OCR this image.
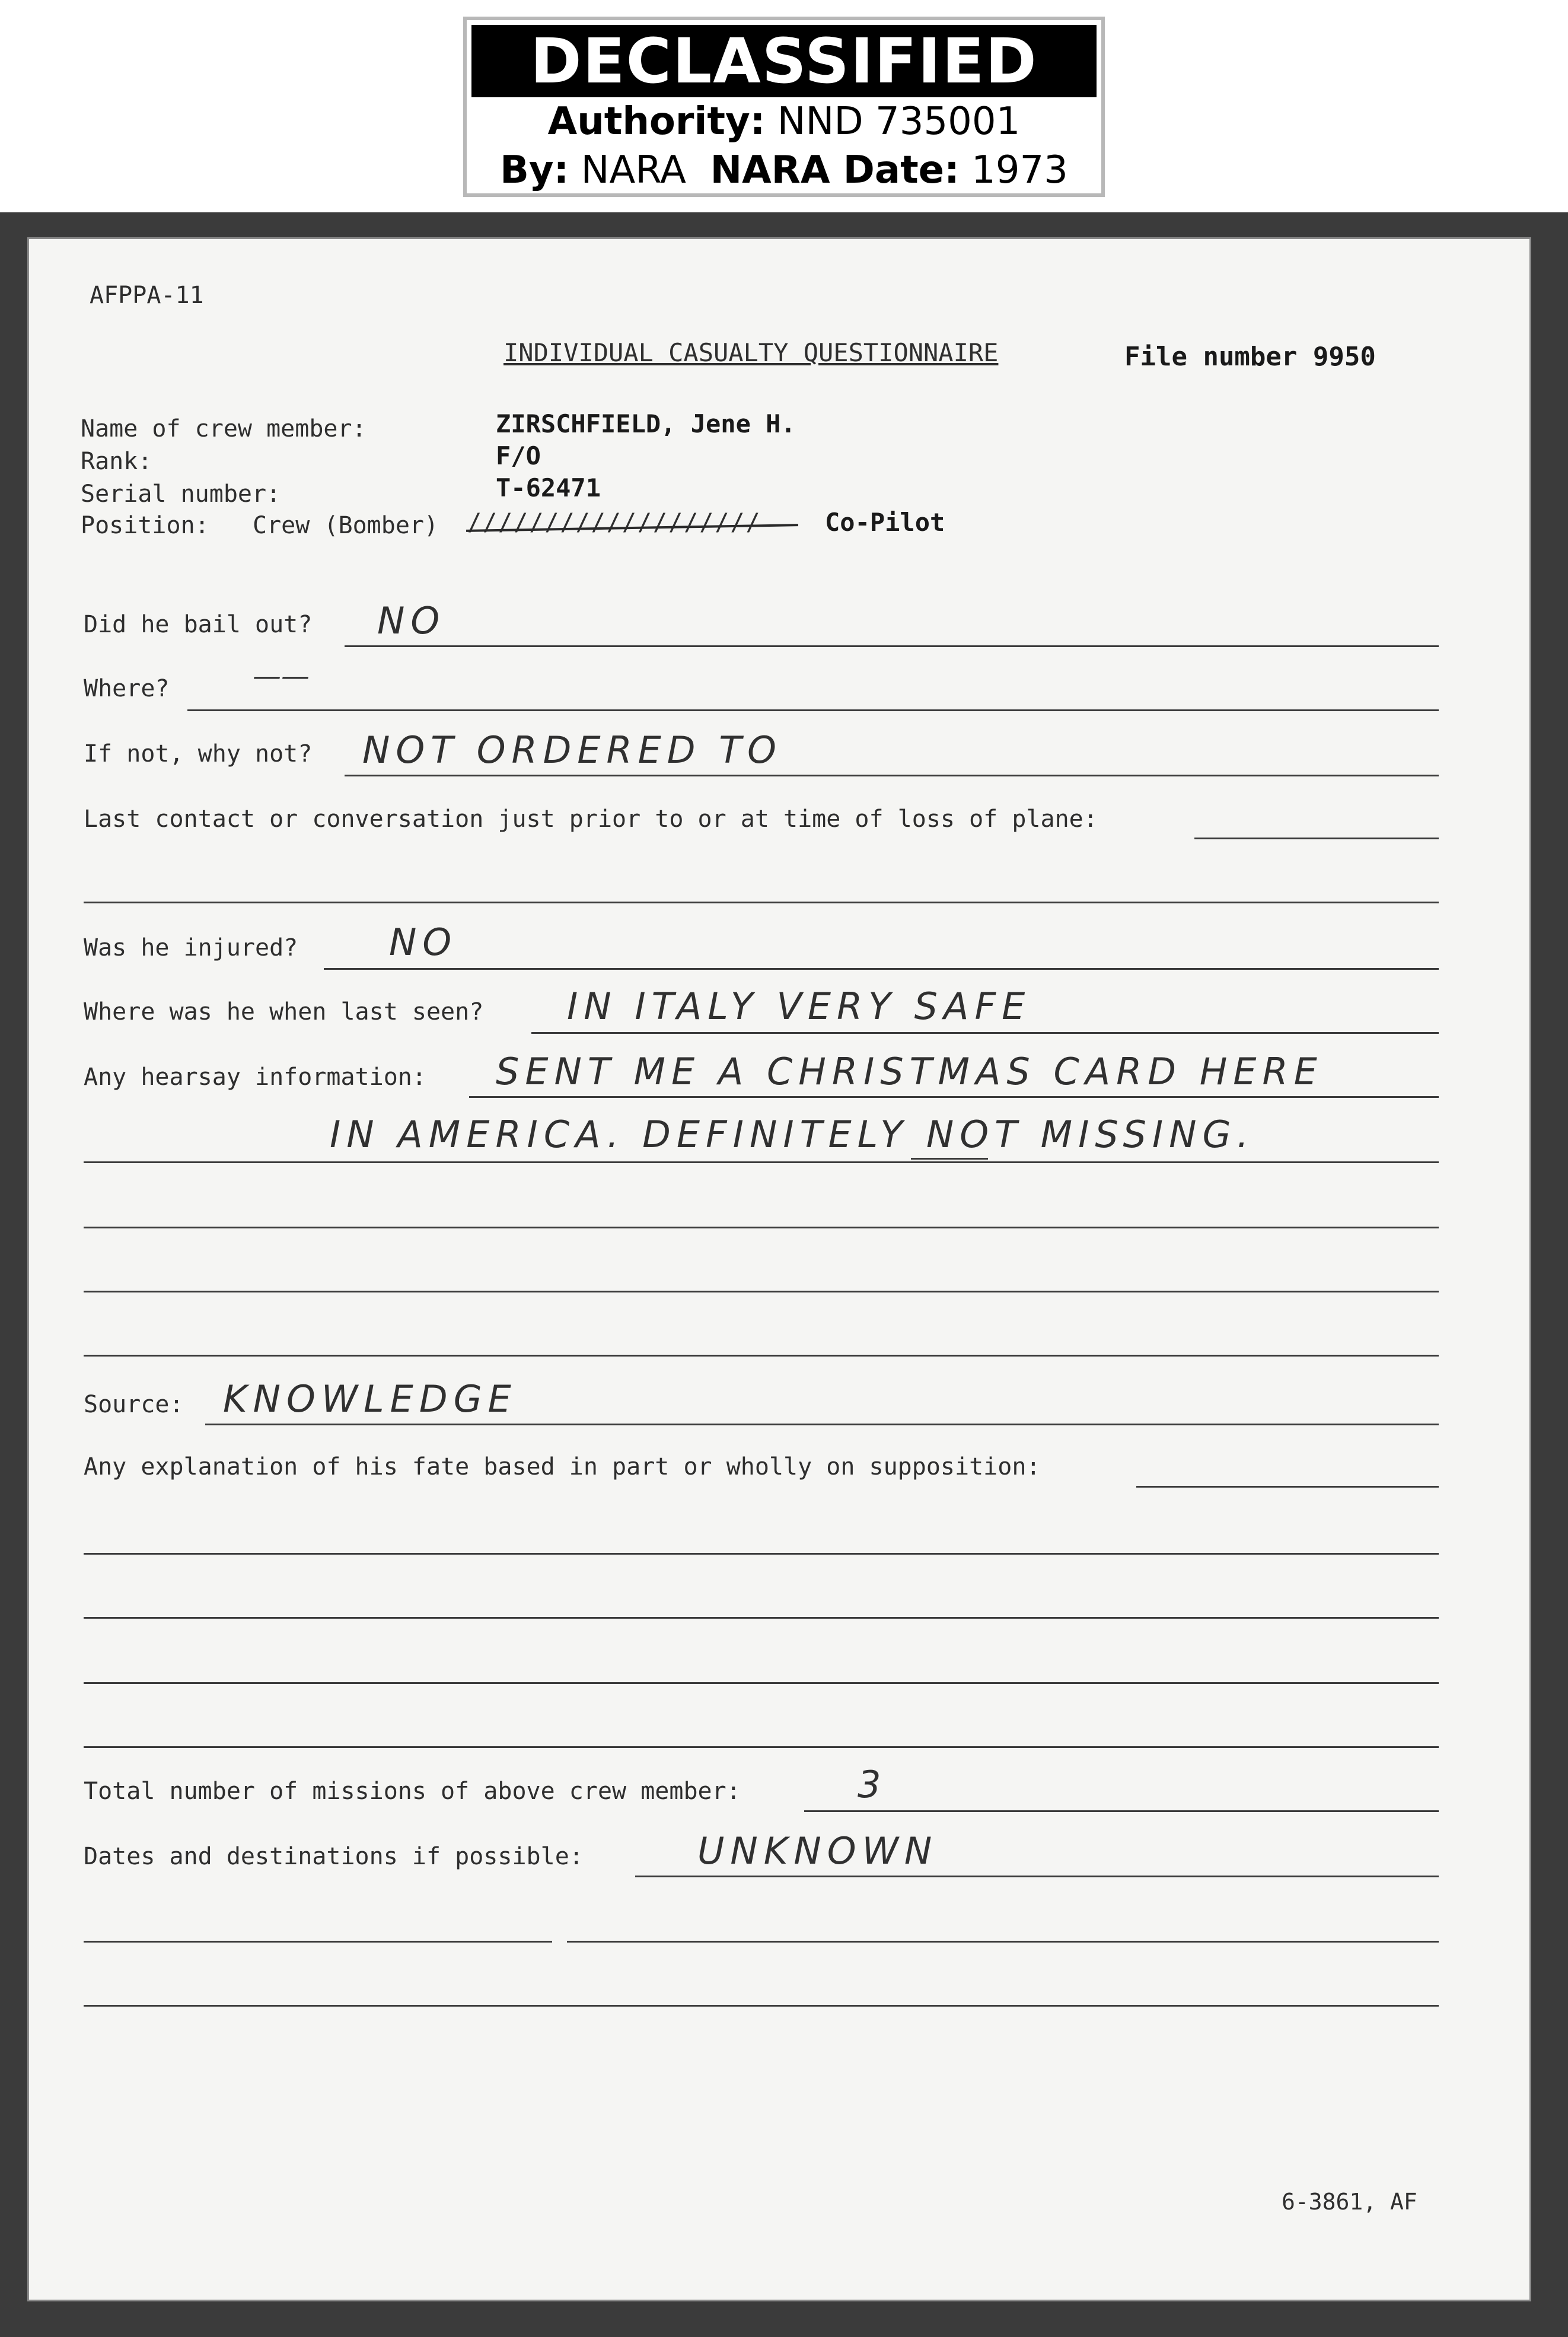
DECLASSIFIED
Authority: NND 735001
By: NARA NARA Date: 1973
AFPPA-11
INDIVIDUAL CASUALTY QUESTIONNAIRE	File number 9950
Name of crew member:	ZIRSCHFIELD, Jene H.
Rank:	F/O
Serial number:	T-62471
Position: Crew (Bomber) ///////////////////	Co-Pilot
Did he bail out? NO
Where?	——
If not, why not? NOT ORDERED TO
Last contact or conversation just prior to or at time of loss of plane:
Was he injured? NO
Where was he when last seen? IN ITALY VERY SAFE
Any hearsay information: SENT ME A CHRISTMAS CARD HERE
IN AMERICA. DEFINITELY NOT MISSING.
Source: KNOWLEDGE
Any explanation of his fate based in part or wholly on supposition:
Total number of missions of above crew member:	3
Dates and destinations if possible:	UNKNOWN
6-3861, AF
